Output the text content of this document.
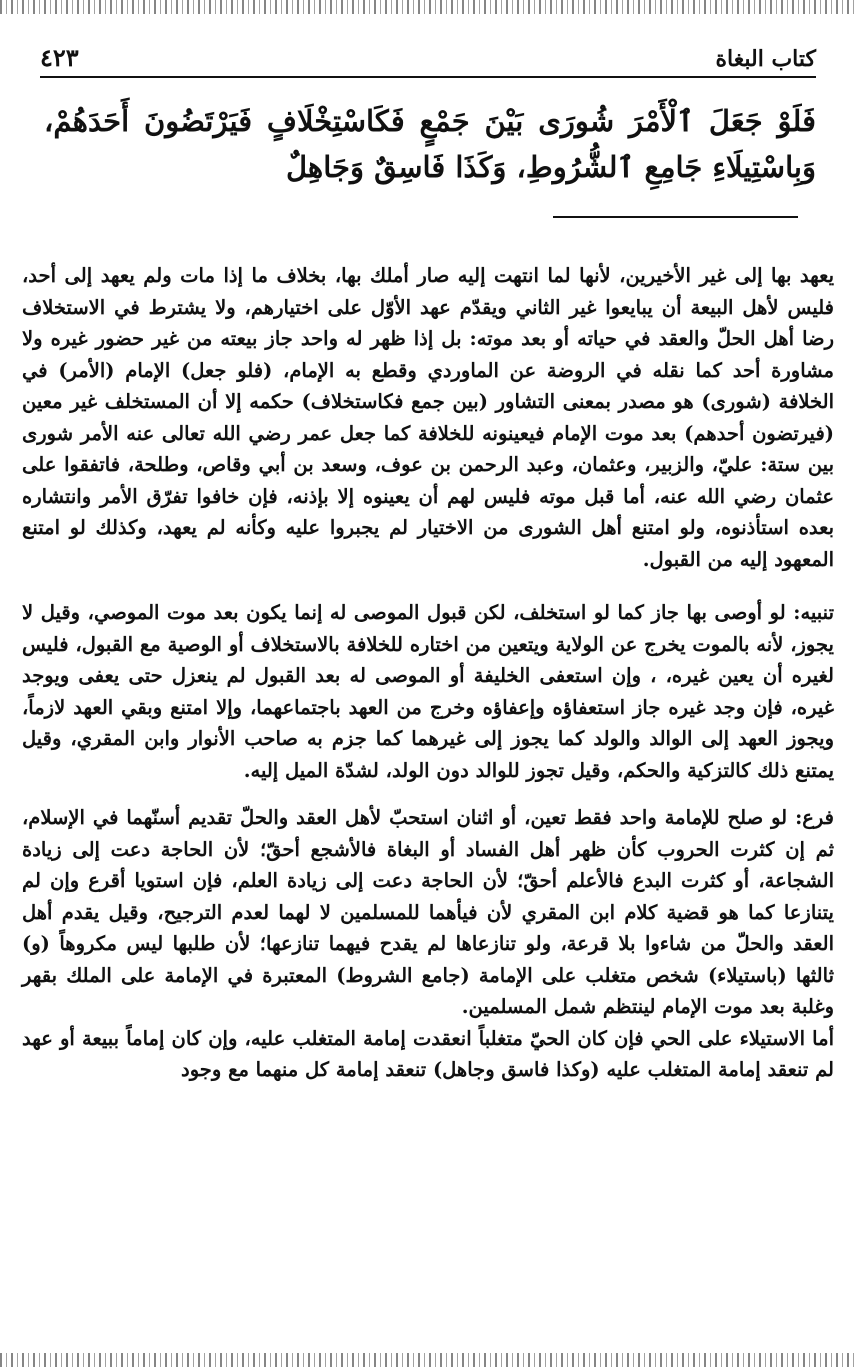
كتاب البغاة
٤٢٣
فَلَوْ جَعَلَ ٱلْأَمْرَ شُورَى بَيْنَ جَمْعٍ فَكَاسْتِخْلَافٍ فَيَرْتَضُونَ أَحَدَهُمْ، وَبِاسْتِيلَاءِ جَامِعِ ٱلشُّرُوطِ، وَكَذَا فَاسِقٌ وَجَاهِلٌ

يعهد بها إلى غير الأخيرين، لأنها لما انتهت إليه صار أملك بها، بخلاف ما إذا مات ولم يعهد إلى أحد، فليس لأهل البيعة أن يبايعوا غير الثاني ويقدّم عهد الأوّل على اختيارهم، ولا يشترط في الاستخلاف رضا أهل الحلّ والعقد في حياته أو بعد موته: بل إذا ظهر له واحد جاز بيعته من غير حضور غيره ولا مشاورة أحد كما نقله في الروضة عن الماوردي وقطع به الإمام، (فلو جعل) الإمام (الأمر) في الخلافة (شورى) هو مصدر بمعنى التشاور (بين جمع فكاستخلاف) حكمه إلا أن المستخلف غير معين (فيرتضون أحدهم) بعد موت الإمام فيعينونه للخلافة كما جعل عمر رضي الله تعالى عنه الأمر شورى بين ستة: عليّ، والزبير، وعثمان، وعبد الرحمن بن عوف، وسعد بن أبي وقاص، وطلحة، فاتفقوا على عثمان رضي الله عنه، أما قبل موته فليس لهم أن يعينوه إلا بإذنه، فإن خافوا تفرّق الأمر وانتشاره بعده استأذنوه، ولو امتنع أهل الشورى من الاختيار لم يجبروا عليه وكأنه لم يعهد، وكذلك لو امتنع المعهود إليه من القبول.

تنبيه: لو أوصى بها جاز كما لو استخلف، لكن قبول الموصى له إنما يكون بعد موت الموصي، وقيل لا يجوز، لأنه بالموت يخرج عن الولاية ويتعين من اختاره للخلافة بالاستخلاف أو الوصية مع القبول، فليس لغيره أن يعين غيره، ، وإن استعفى الخليفة أو الموصى له بعد القبول لم ينعزل حتى يعفى ويوجد غيره، فإن وجد غيره جاز استعفاؤه وإعفاؤه وخرج من العهد باجتماعهما، وإلا امتنع وبقي العهد لازماً، ويجوز العهد إلى الوالد والولد كما يجوز إلى غيرهما كما جزم به صاحب الأنوار وابن المقري، وقيل يمتنع ذلك كالتزكية والحكم، وقيل تجوز للوالد دون الولد، لشدّة الميل إليه.

فرع: لو صلح للإمامة واحد فقط تعين، أو اثنان استحبّ لأهل العقد والحلّ تقديم أسنّهما في الإسلام، ثم إن كثرت الحروب كأن ظهر أهل الفساد أو البغاة فالأشجع أحقّ؛ لأن الحاجة دعت إلى زيادة الشجاعة، أو كثرت البدع فالأعلم أحقّ؛ لأن الحاجة دعت إلى زيادة العلم، فإن استويا أقرع وإن لم يتنازعا كما هو قضية كلام ابن المقري لأن فيأهما للمسلمين لا لهما لعدم الترجيح، وقيل يقدم أهل العقد والحلّ من شاءوا بلا قرعة، ولو تنازعاها لم يقدح فيهما تنازعها؛ لأن طلبها ليس مكروهاً (و) ثالثها (باستيلاء) شخص متغلب على الإمامة (جامع الشروط) المعتبرة في الإمامة على الملك بقهر وغلبة بعد موت الإمام لينتظم شمل المسلمين.

أما الاستيلاء على الحي فإن كان الحيّ متغلباً انعقدت إمامة المتغلب عليه، وإن كان إماماً ببيعة أو عهد لم تنعقد إمامة المتغلب عليه (وكذا فاسق وجاهل) تنعقد إمامة كل منهما مع وجود
